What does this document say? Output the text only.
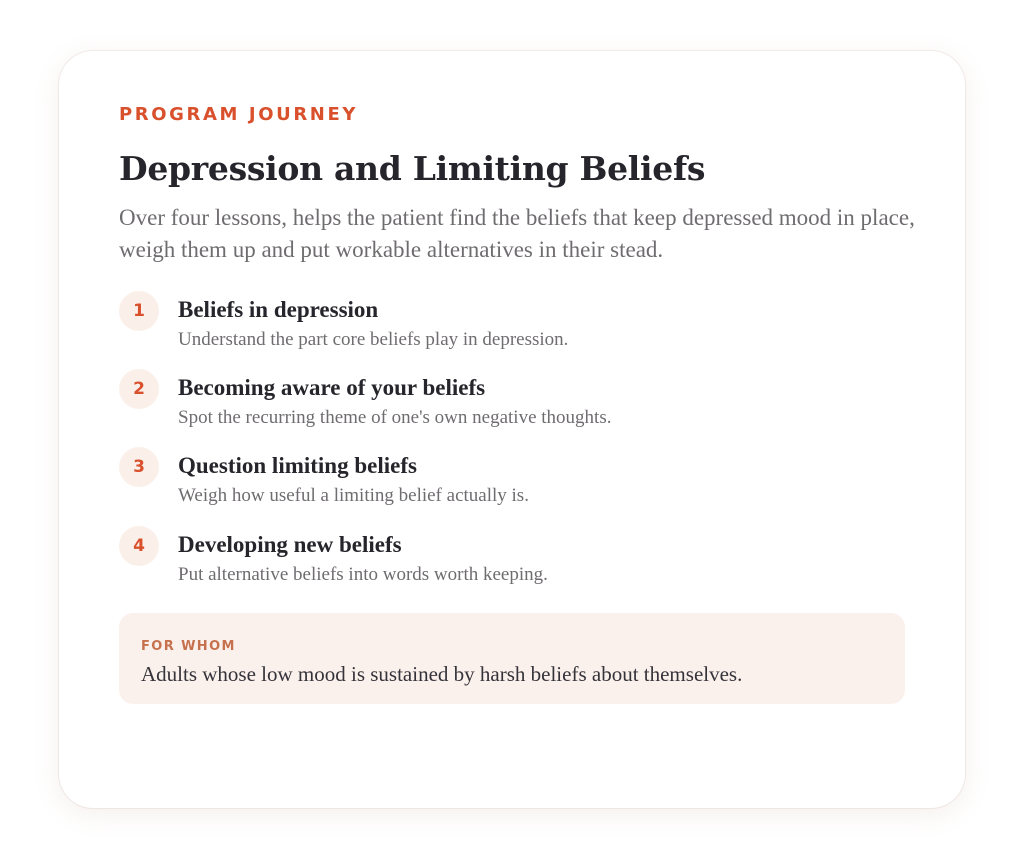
PROGRAM JOURNEY

Depression and Limiting Beliefs

Over four lessons, helps the patient find the beliefs that keep depressed mood in place, weigh them up and put workable alternatives in their stead.

1	Beliefs in depression
Understand the part core beliefs play in depression.
2	Becoming aware of your beliefs
Spot the recurring theme of one's own negative thoughts.
3	Question limiting beliefs
Weigh how useful a limiting belief actually is.
4	Developing new beliefs
Put alternative beliefs into words worth keeping.
FOR WHOM
Adults whose low mood is sustained by harsh beliefs about themselves.
